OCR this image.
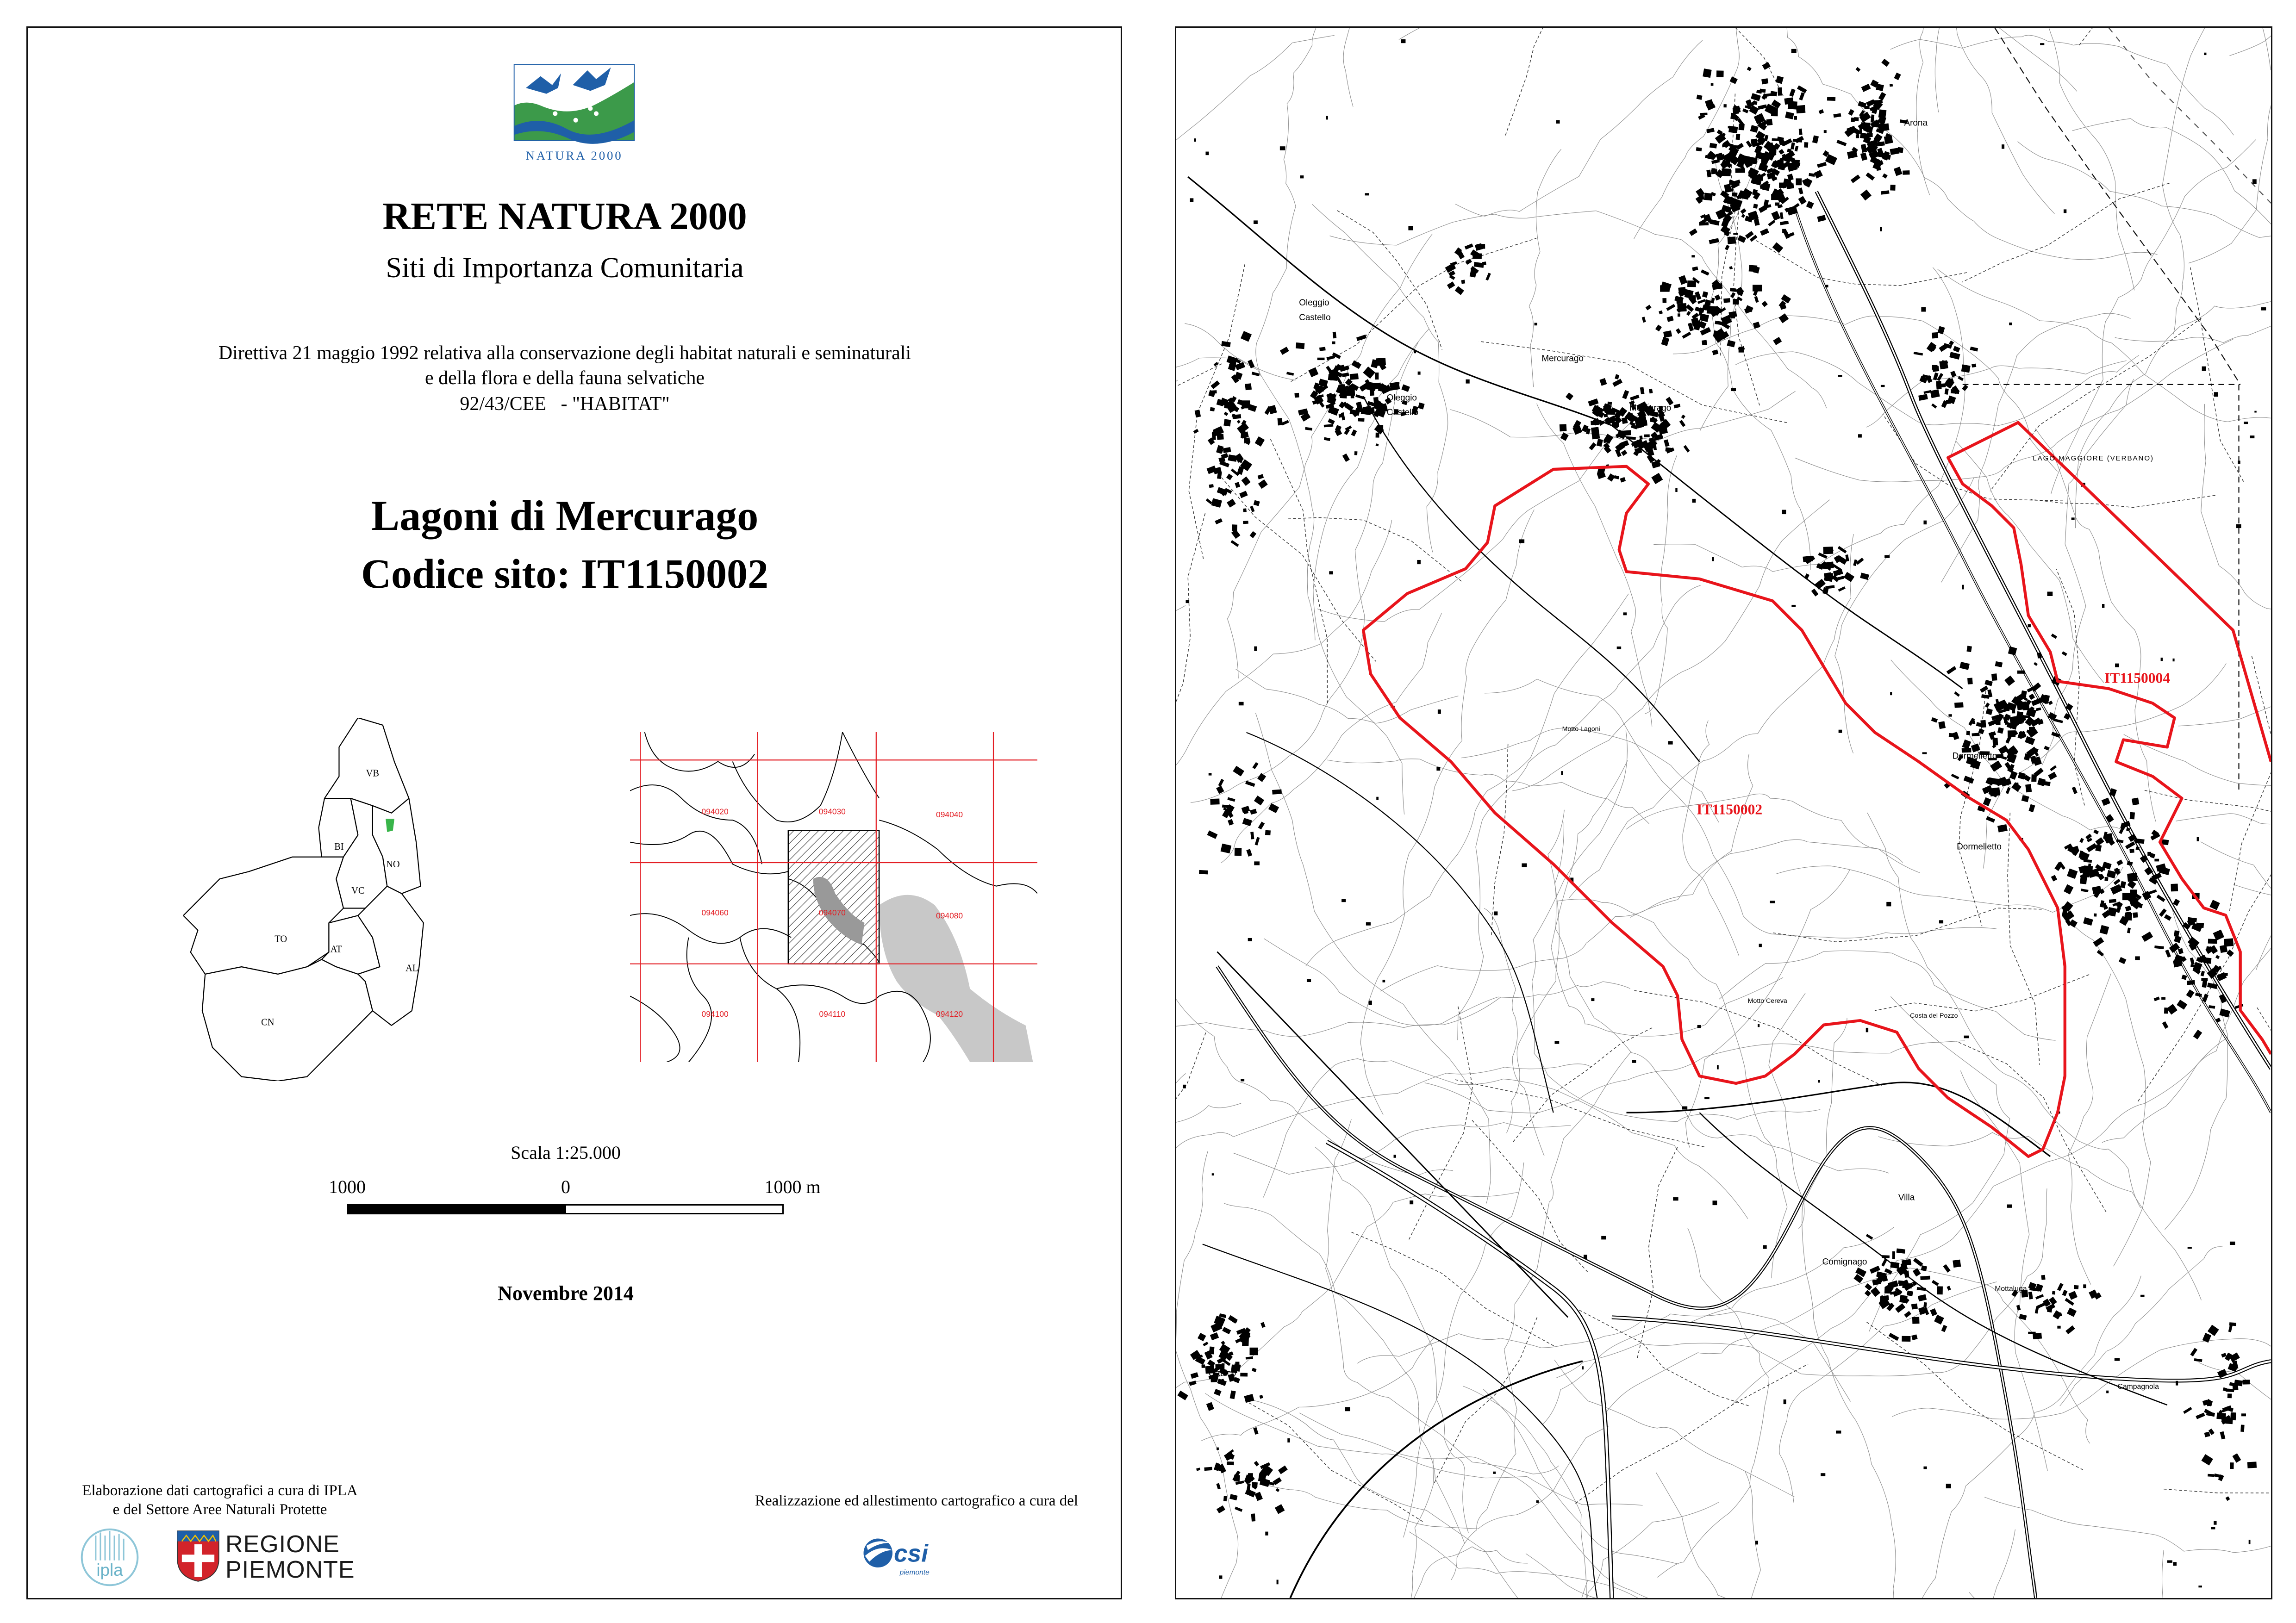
NATURA 2000
RETE NATURA 2000
Siti di Importanza Comunitaria
Direttiva 21 maggio 1992 relativa alla conservazione degli habitat naturali e seminaturali
e della flora e della fauna selvatiche
92/43/CEE   - "HABITAT"
Lagoni di Mercurago
Codice sito: IT1150002
VB
BI
NO
VC
TO
AT
AL
CN
094020	094030	094040
094060	094070	094080
094100	094110	094120
Scala 1:25.000
1000	0	1000 m
Novembre 2014
Elaborazione dati cartografici a cura di IPLA
e del Settore Aree Naturali Protette
Realizzazione ed allestimento cartografico a cura del
ipla
REGIONE
PIEMONTE
csi
piemonte
Arona
Oleggio
Castello
Oleggio
Castello
Mercurago
Mercurago
Dormelletto
Dormelletto
Motto Lagoni
Motto Cereva
Costa del Pozzo
Villa
Comignago
Mottaluga
Campagnola
Gattico
LAGO MAGGIORE (VERBANO)
IT1150002
IT1150004
